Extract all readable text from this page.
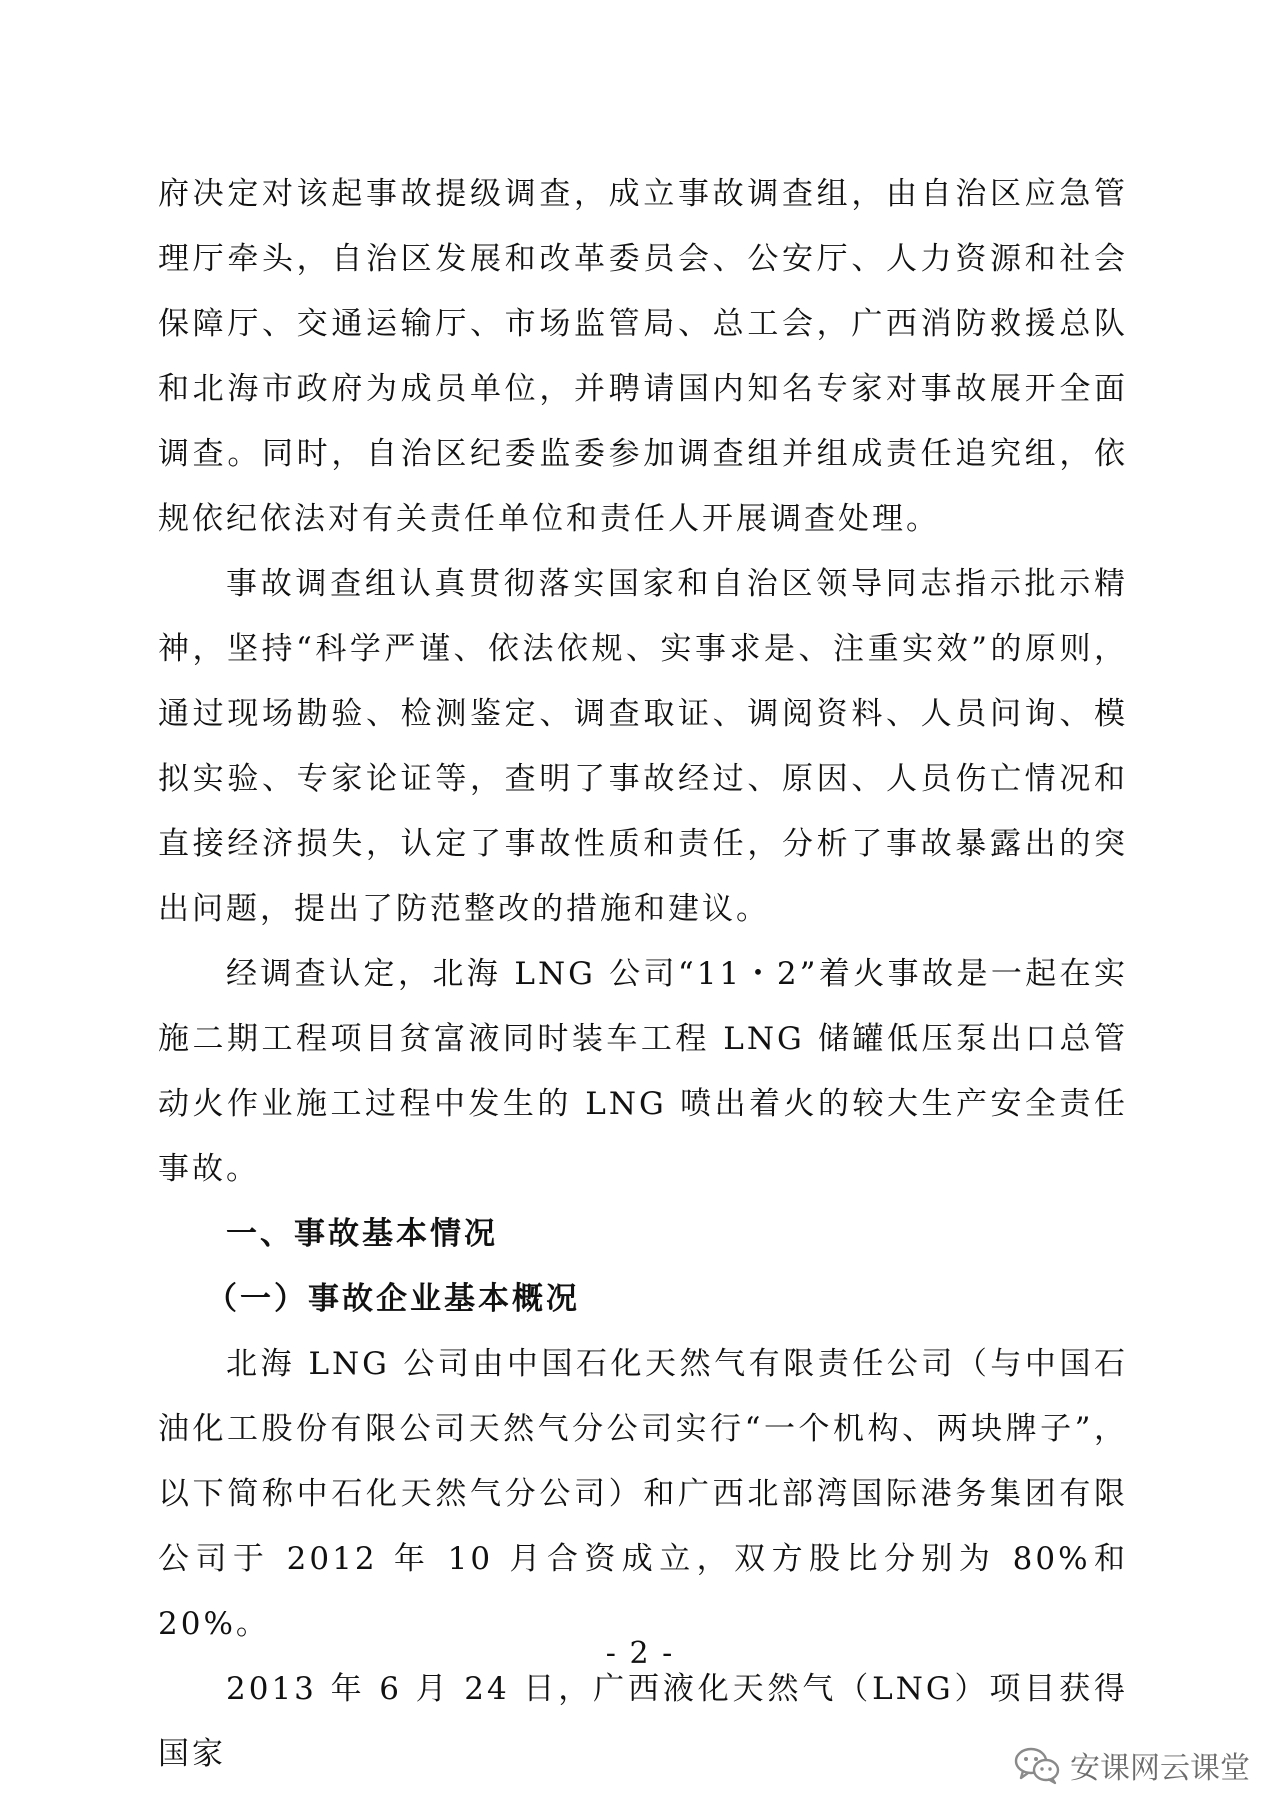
府决定对该起事故提级调查，成立事故调查组，由自治区应急管理厅牵头，自治区发展和改革委员会、公安厅、人力资源和社会保障厅、交通运输厅、市场监管局、总工会，广西消防救援总队和北海市政府为成员单位，并聘请国内知名专家对事故展开全面调查。同时，自治区纪委监委参加调查组并组成责任追究组，依规依纪依法对有关责任单位和责任人开展调查处理。

事故调查组认真贯彻落实国家和自治区领导同志指示批示精神，坚持“科学严谨、依法依规、实事求是、注重实效”的原则，通过现场勘验、检测鉴定、调查取证、调阅资料、人员问询、模拟实验、专家论证等，查明了事故经过、原因、人员伤亡情况和直接经济损失，认定了事故性质和责任，分析了事故暴露出的突出问题，提出了防范整改的措施和建议。

经调查认定，北海 LNG 公司“11・2”着火事故是一起在实施二期工程项目贫富液同时装车工程 LNG 储罐低压泵出口总管动火作业施工过程中发生的 LNG 喷出着火的较大生产安全责任事故。

一、事故基本情况

（一）事故企业基本概况

北海 LNG 公司由中国石化天然气有限责任公司（与中国石油化工股份有限公司天然气分公司实行“一个机构、两块牌子”，以下简称中石化天然气分公司）和广西北部湾国际港务集团有限公司于 2012 年 10 月合资成立，双方股比分别为 80%和 20%。

2013 年 6 月 24 日，广西液化天然气（LNG）项目获得国家

- 2 -
安课网云课堂
